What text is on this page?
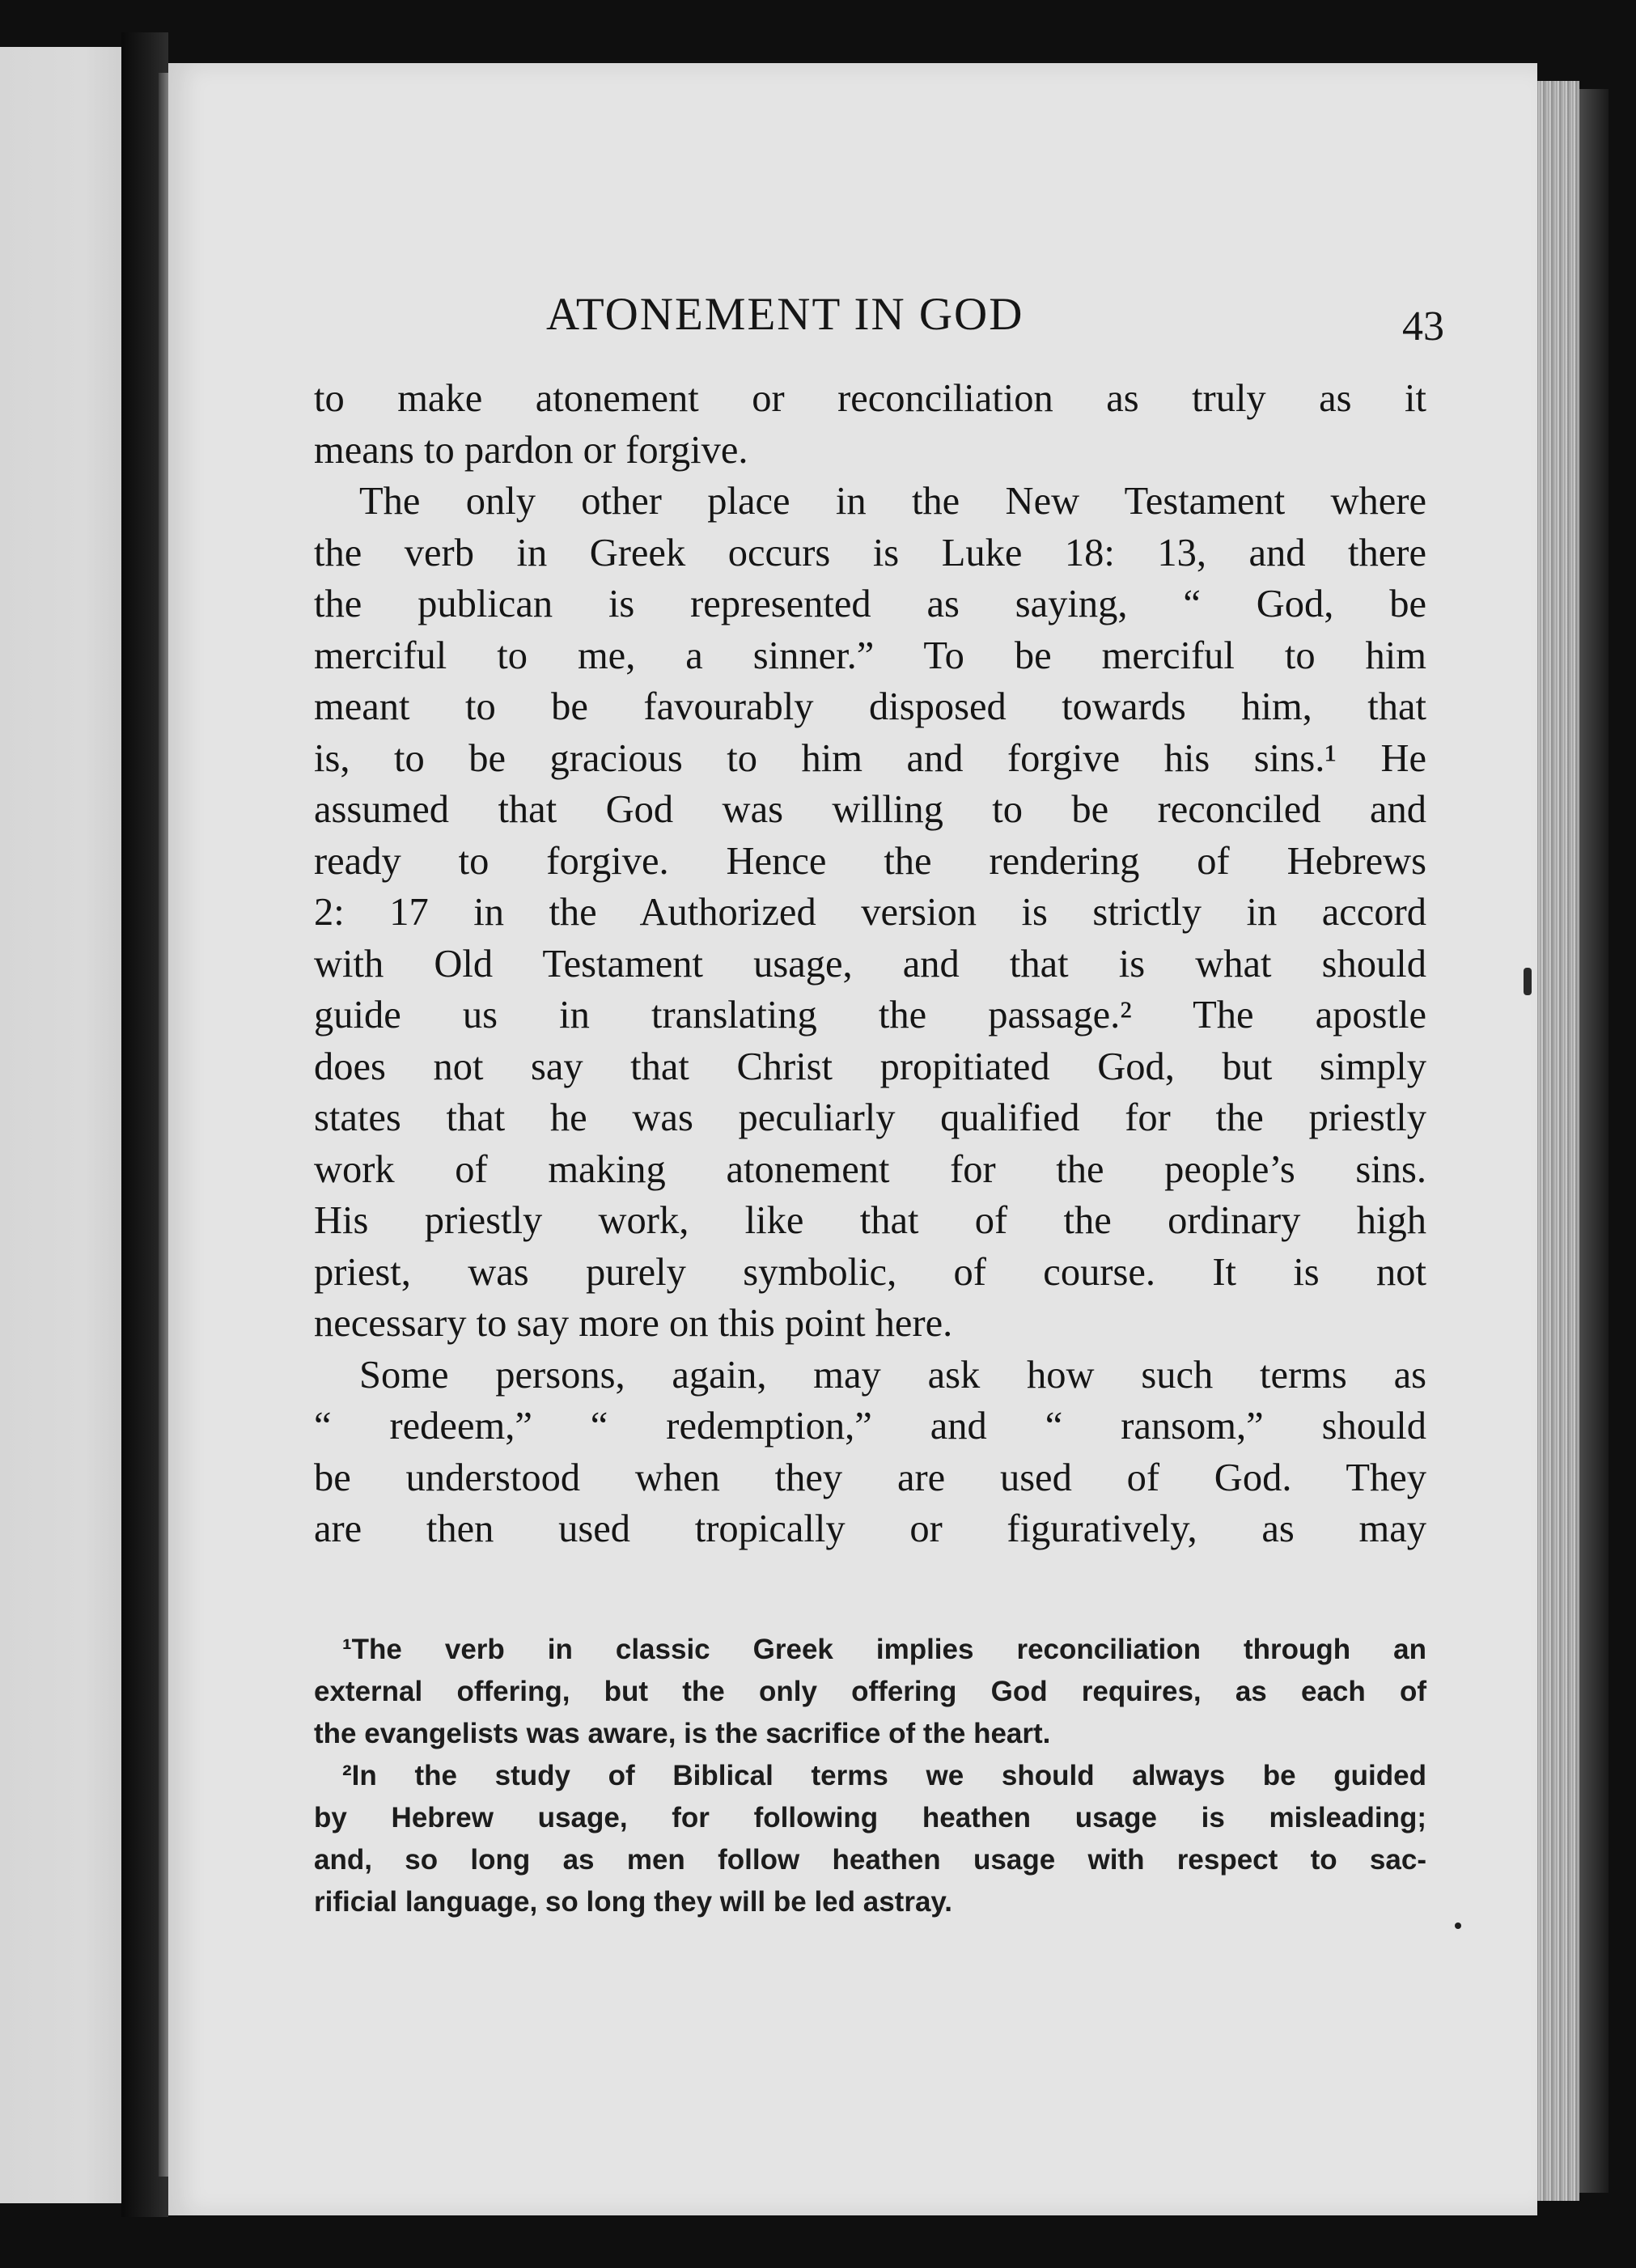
ATONEMENT IN GOD	43
to make atonement or reconciliation as truly as it
means to pardon or forgive.
The only other place in the New Testament where
the verb in Greek occurs is Luke 18: 13, and there
the publican is represented as saying, “ God, be
merciful to me, a sinner.” To be merciful to him
meant to be favourably disposed towards him, that
is, to be gracious to him and forgive his sins.¹ He
assumed that God was willing to be reconciled and
ready to forgive. Hence the rendering of Hebrews
2: 17 in the Authorized version is strictly in accord
with Old Testament usage, and that is what should
guide us in translating the passage.² The apostle
does not say that Christ propitiated God, but simply
states that he was peculiarly qualified for the priestly
work of making atonement for the people’s sins.
His priestly work, like that of the ordinary high
priest, was purely symbolic, of course. It is not
necessary to say more on this point here.
Some persons, again, may ask how such terms as
“ redeem,” “ redemption,” and “ ransom,” should
be understood when they are used of God. They
are then used tropically or figuratively, as may
¹The verb in classic Greek implies reconciliation through an
external offering, but the only offering God requires, as each of
the evangelists was aware, is the sacrifice of the heart.
²In the study of Biblical terms we should always be guided
by Hebrew usage, for following heathen usage is misleading;
and, so long as men follow heathen usage with respect to sac-
rificial language, so long they will be led astray.
